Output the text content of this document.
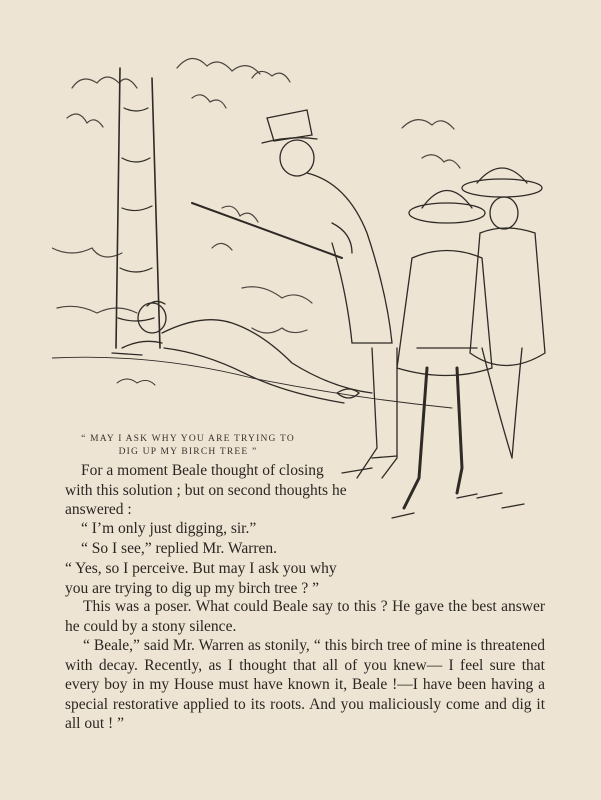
“ MAY I ASK WHY YOU ARE TRYING TO
DIG UP MY BIRCH TREE ”

For a moment Beale thought of closing with this solution ; but on second thoughts he answered :

“ I’m only just digging, sir.”

“ So I see,” replied Mr. Warren.

“ Yes, so I perceive. But may I ask you why you are trying to dig up my birch tree ? ”

This was a poser. What could Beale say to this ? He gave the best answer he could by a stony silence.

“ Beale,” said Mr. Warren as stonily, “ this birch tree of mine is threatened with decay. Recently, as I thought that all of you knew— I feel sure that every boy in my House must have known it, Beale !—I have been having a special restorative applied to its roots. And you maliciously come and dig it all out ! ”
